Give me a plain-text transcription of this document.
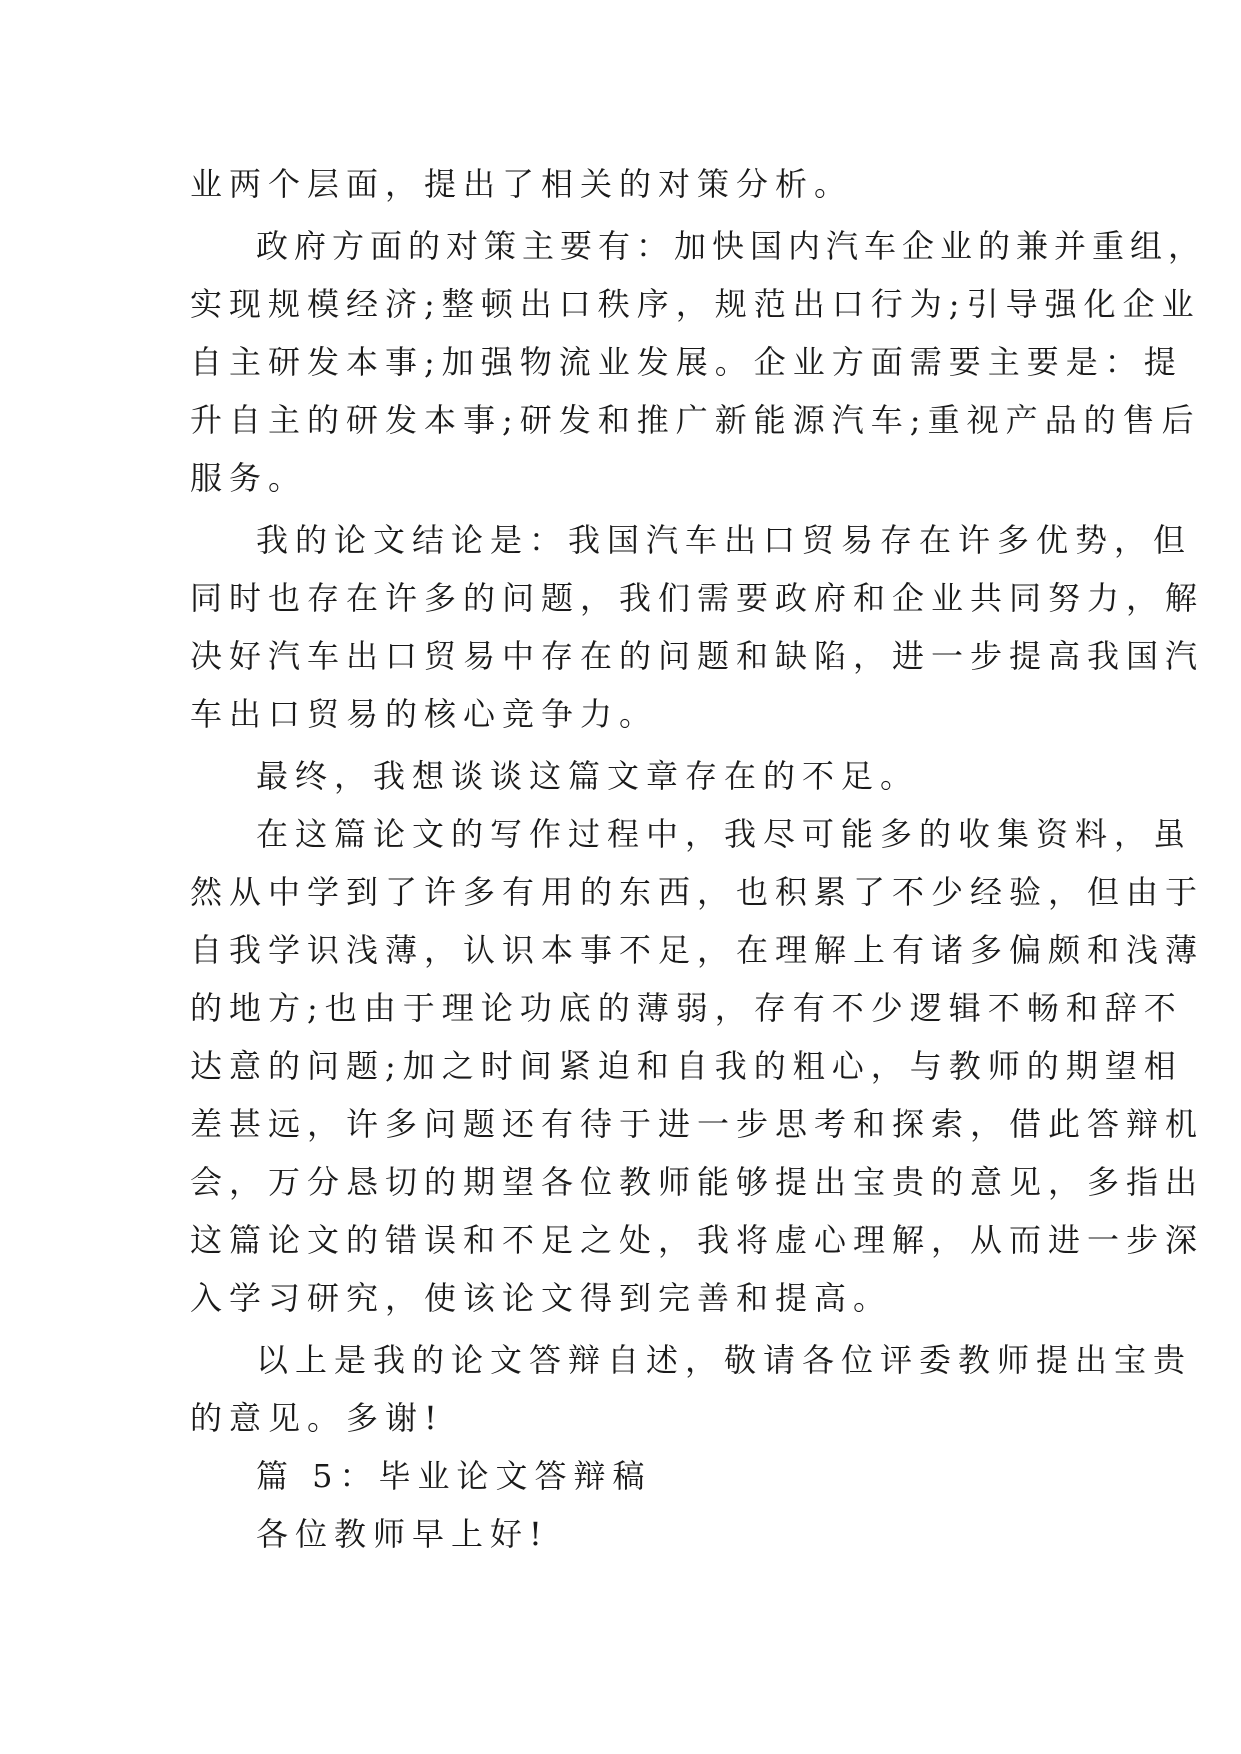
业两个层面，提出了相关的对策分析。

政府方面的对策主要有：加快国内汽车企业的兼并重组，

实现规模经济;整顿出口秩序，规范出口行为;引导强化企业

自主研发本事;加强物流业发展。企业方面需要主要是：提

升自主的研发本事;研发和推广新能源汽车;重视产品的售后

服务。

我的论文结论是：我国汽车出口贸易存在许多优势，但

同时也存在许多的问题，我们需要政府和企业共同努力，解

决好汽车出口贸易中存在的问题和缺陷，进一步提高我国汽

车出口贸易的核心竞争力。

最终，我想谈谈这篇文章存在的不足。

在这篇论文的写作过程中，我尽可能多的收集资料，虽

然从中学到了许多有用的东西，也积累了不少经验，但由于

自我学识浅薄，认识本事不足，在理解上有诸多偏颇和浅薄

的地方;也由于理论功底的薄弱，存有不少逻辑不畅和辞不

达意的问题;加之时间紧迫和自我的粗心，与教师的期望相

差甚远，许多问题还有待于进一步思考和探索，借此答辩机

会，万分恳切的期望各位教师能够提出宝贵的意见，多指出

这篇论文的错误和不足之处，我将虚心理解，从而进一步深

入学习研究，使该论文得到完善和提高。

以上是我的论文答辩自述，敬请各位评委教师提出宝贵

的意见。多谢!

篇 5：毕业论文答辩稿

各位教师早上好!
